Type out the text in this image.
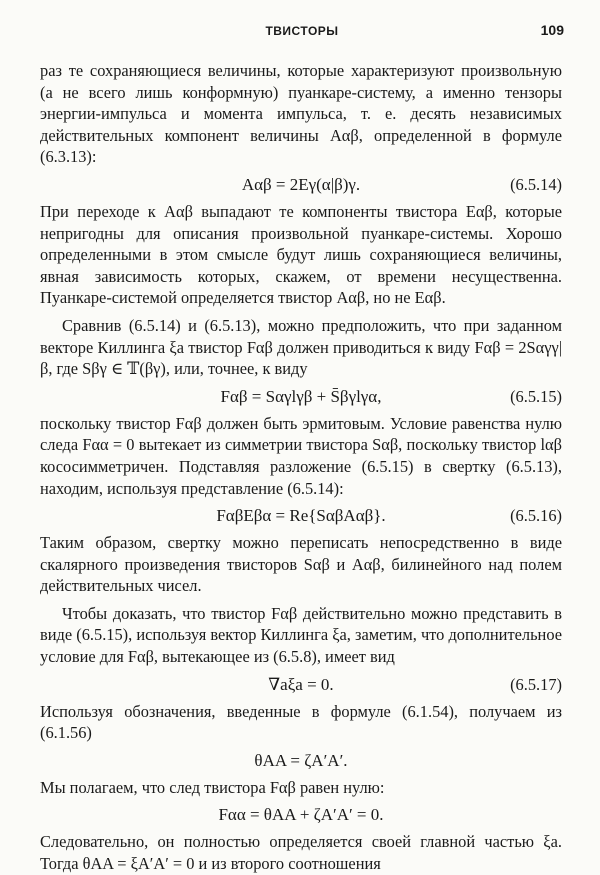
ТВИСТОРЫ	109

раз те сохраняющиеся величины, которые характеризуют произвольную (а не всего лишь конформную) пуанкаре-систему, а именно тензоры энергии-импульса и момента импульса, т. е. десять независимых действительных компонент величины Aαβ, определенной в формуле (6.3.13):

Aαβ = 2Eγ(α|β)γ.	(6.5.14)

При переходе к Aαβ выпадают те компоненты твистора Eαβ, которые непригодны для описания произвольной пуанкаре-системы. Хорошо определенными в этом смысле будут лишь сохраняющиеся величины, явная зависимость которых, скажем, от времени несущественна. Пуанкаре-системой определяется твистор Aαβ, но не Eαβ.

Сравнив (6.5.14) и (6.5.13), можно предположить, что при заданном векторе Киллинга ξa твистор Fαβ должен приводиться к виду Fαβ = 2Sαγγ|β, где Sβγ ∈ 𝕋(βγ), или, точнее, к виду

Fαβ = Sαγlγβ + S̄βγlγα,	(6.5.15)

поскольку твистор Fαβ должен быть эрмитовым. Условие равенства нулю следа Fαα = 0 вытекает из симметрии твистора Sαβ, поскольку твистор lαβ кососимметричен. Подставляя разложение (6.5.15) в свертку (6.5.13), находим, используя представление (6.5.14):

FαβEβα = Re{SαβAαβ}.	(6.5.16)

Таким образом, свертку можно переписать непосредственно в виде скалярного произведения твисторов Sαβ и Aαβ, билинейного над полем действительных чисел.

Чтобы доказать, что твистор Fαβ действительно можно представить в виде (6.5.15), используя вектор Киллинга ξa, заметим, что дополнительное условие для Fαβ, вытекающее из (6.5.8), имеет вид

∇aξa = 0.	(6.5.17)

Используя обозначения, введенные в формуле (6.1.54), получаем из (6.1.56)

θAA = ζA′A′.

Мы полагаем, что след твистора Fαβ равен нулю:

Fαα = θAA + ζA′A′ = 0.

Следовательно, он полностью определяется своей главной частью ξa. Тогда θAA = ξA′A′ = 0 и из второго соотношения
